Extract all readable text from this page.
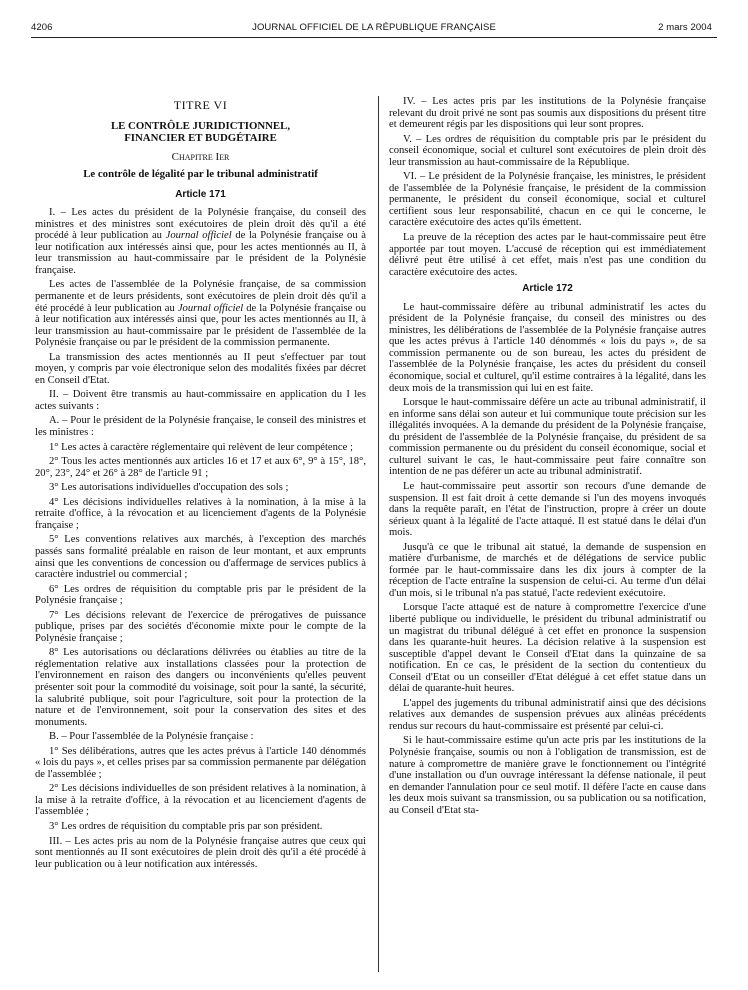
4206	JOURNAL OFFICIEL DE LA RÉPUBLIQUE FRANÇAISE	2 mars 2004

TITRE VI

LE CONTRÔLE JURIDICTIONNEL,

FINANCIER ET BUDGÉTAIRE

Chapitre Ier

Le contrôle de légalité par le tribunal administratif

Article 171

I. – Les actes du président de la Polynésie française, du conseil des ministres et des ministres sont exécutoires de plein droit dès qu'il a été procédé à leur publication au Journal officiel de la Polynésie française ou à leur notification aux intéressés ainsi que, pour les actes mentionnés au II, à leur transmission au haut-commissaire par le président de la Polynésie française.

Les actes de l'assemblée de la Polynésie française, de sa commission permanente et de leurs présidents, sont exécutoires de plein droit dès qu'il a été procédé à leur publication au Journal officiel de la Polynésie française ou à leur notification aux intéressés ainsi que, pour les actes mentionnés au II, à leur transmission au haut-commissaire par le président de l'assemblée de la Polynésie française ou par le président de la commission permanente.

La transmission des actes mentionnés au II peut s'effectuer par tout moyen, y compris par voie électronique selon des modalités fixées par décret en Conseil d'Etat.

II. – Doivent être transmis au haut-commissaire en application du I les actes suivants :

A. – Pour le président de la Polynésie française, le conseil des ministres et les ministres :

1° Les actes à caractère réglementaire qui relèvent de leur compétence ;

2° Tous les actes mentionnés aux articles 16 et 17 et aux 6°, 9° à 15°, 18°, 20°, 23°, 24° et 26° à 28° de l'article 91 ;

3° Les autorisations individuelles d'occupation des sols ;

4° Les décisions individuelles relatives à la nomination, à la mise à la retraite d'office, à la révocation et au licenciement d'agents de la Polynésie française ;

5° Les conventions relatives aux marchés, à l'exception des marchés passés sans formalité préalable en raison de leur montant, et aux emprunts ainsi que les conventions de concession ou d'affermage de services publics à caractère industriel ou commercial ;

6° Les ordres de réquisition du comptable pris par le président de la Polynésie française ;

7° Les décisions relevant de l'exercice de prérogatives de puissance publique, prises par des sociétés d'économie mixte pour le compte de la Polynésie française ;

8° Les autorisations ou déclarations délivrées ou établies au titre de la réglementation relative aux installations classées pour la protection de l'environnement en raison des dangers ou inconvénients qu'elles peuvent présenter soit pour la commodité du voisinage, soit pour la santé, la sécurité, la salubrité publique, soit pour l'agriculture, soit pour la protection de la nature et de l'environnement, soit pour la conservation des sites et des monuments.

B. – Pour l'assemblée de la Polynésie française :

1° Ses délibérations, autres que les actes prévus à l'article 140 dénommés « lois du pays », et celles prises par sa commission permanente par délégation de l'assemblée ;

2° Les décisions individuelles de son président relatives à la nomination, à la mise à la retraite d'office, à la révocation et au licenciement d'agents de l'assemblée ;

3° Les ordres de réquisition du comptable pris par son président.

III. – Les actes pris au nom de la Polynésie française autres que ceux qui sont mentionnés au II sont exécutoires de plein droit dès qu'il a été procédé à leur publication ou à leur notification aux intéressés.

IV. – Les actes pris par les institutions de la Polynésie française relevant du droit privé ne sont pas soumis aux dispositions du présent titre et demeurent régis par les dispositions qui leur sont propres.

V. – Les ordres de réquisition du comptable pris par le président du conseil économique, social et culturel sont exécutoires de plein droit dès leur transmission au haut-commissaire de la République.

VI. – Le président de la Polynésie française, les ministres, le président de l'assemblée de la Polynésie française, le président de la commission permanente, le président du conseil économique, social et culturel certifient sous leur responsabilité, chacun en ce qui le concerne, le caractère exécutoire des actes qu'ils émettent.

La preuve de la réception des actes par le haut-commissaire peut être apportée par tout moyen. L'accusé de réception qui est immédiatement délivré peut être utilisé à cet effet, mais n'est pas une condition du caractère exécutoire des actes.

Article 172

Le haut-commissaire défère au tribunal administratif les actes du président de la Polynésie française, du conseil des ministres ou des ministres, les délibérations de l'assemblée de la Polynésie française autres que les actes prévus à l'article 140 dénommés « lois du pays », de sa commission permanente ou de son bureau, les actes du président de l'assemblée de la Polynésie française, les actes du président du conseil économique, social et culturel, qu'il estime contraires à la légalité, dans les deux mois de la transmission qui lui en est faite.

Lorsque le haut-commissaire défère un acte au tribunal administratif, il en informe sans délai son auteur et lui communique toute précision sur les illégalités invoquées. A la demande du président de la Polynésie française, du président de l'assemblée de la Polynésie française, du président de sa commission permanente ou du président du conseil économique, social et culturel suivant le cas, le haut-commissaire peut faire connaître son intention de ne pas déférer un acte au tribunal administratif.

Le haut-commissaire peut assortir son recours d'une demande de suspension. Il est fait droit à cette demande si l'un des moyens invoqués dans la requête paraît, en l'état de l'instruction, propre à créer un doute sérieux quant à la légalité de l'acte attaqué. Il est statué dans le délai d'un mois.

Jusqu'à ce que le tribunal ait statué, la demande de suspension en matière d'urbanisme, de marchés et de délégations de service public formée par le haut-commissaire dans les dix jours à compter de la réception de l'acte entraîne la suspension de celui-ci. Au terme d'un délai d'un mois, si le tribunal n'a pas statué, l'acte redevient exécutoire.

Lorsque l'acte attaqué est de nature à compromettre l'exercice d'une liberté publique ou individuelle, le président du tribunal administratif ou un magistrat du tribunal délégué à cet effet en prononce la suspension dans les quarante-huit heures. La décision relative à la suspension est susceptible d'appel devant le Conseil d'Etat dans la quinzaine de sa notification. En ce cas, le président de la section du contentieux du Conseil d'Etat ou un conseiller d'Etat délégué à cet effet statue dans un délai de quarante-huit heures.

L'appel des jugements du tribunal administratif ainsi que des décisions relatives aux demandes de suspension prévues aux alinéas précédents rendus sur recours du haut-commissaire est présenté par celui-ci.

Si le haut-commissaire estime qu'un acte pris par les institutions de la Polynésie française, soumis ou non à l'obligation de transmission, est de nature à compromettre de manière grave le fonctionnement ou l'intégrité d'une installation ou d'un ouvrage intéressant la défense nationale, il peut en demander l'annulation pour ce seul motif. Il défère l'acte en cause dans les deux mois suivant sa transmission, ou sa publication ou sa notification, au Conseil d'Etat sta-
